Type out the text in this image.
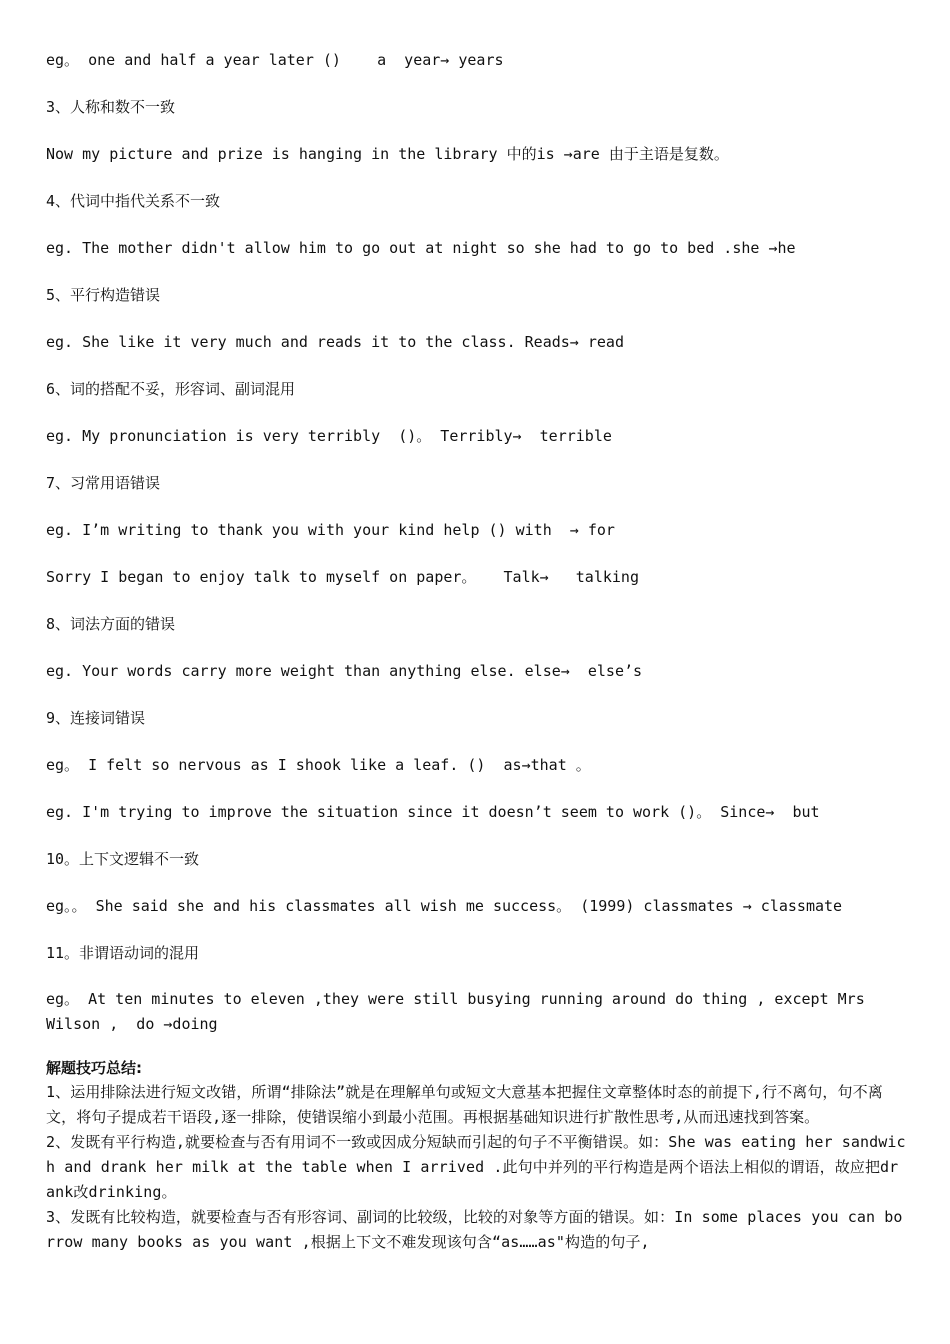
eg。 one and half a year later ()    a  year→ years
3、人称和数不一致
Now my picture and prize is hanging in the library 中的is →are 由于主语是复数。
4、代词中指代关系不一致
eg. The mother didn't allow him to go out at night so she had to go to bed .she →he
5、平行构造错误
eg. She like it very much and reads it to the class. Reads→ read
6、词的搭配不妥，形容词、副词混用
eg. My pronunciation is very terribly  ()。 Terribly→  terrible
7、习常用语错误
eg. I’m writing to thank you with your kind help () with  → for
Sorry I began to enjoy talk to myself on paper。   Talk→   talking
8、词法方面的错误
eg. Your words carry more weight than anything else. else→  else’s
9、连接词错误
eg。 I felt so nervous as I shook like a leaf. ()  as→that 。
eg. I'm trying to improve the situation since it doesn’t seem to work ()。 Since→  but
10。上下文逻辑不一致
eg。。 She said she and his classmates all wish me success。 (1999) classmates → classmate
11。非谓语动词的混用
eg。 At ten minutes to eleven ,they were still busying running around do thing , except Mrs Wilson ,  do →doing
解题技巧总结:
1、运用排除法进行短文改错，所谓“排除法”就是在理解单句或短文大意基本把握住文章整体时态的前提下,行不离句，句不离文，将句子提成若干语段,逐一排除，使错误缩小到最小范围。再根据基础知识进行扩散性思考,从而迅速找到答案。
2、发既有平行构造,就要检查与否有用词不一致或因成分短缺而引起的句子不平衡错误。如：She was eating her sandwich and drank her milk at the table when I arrived .此句中并列的平行构造是两个语法上相似的谓语，故应把drank改drinking。
3、发既有比较构造，就要检查与否有形容词、副词的比较级，比较的对象等方面的错误。如：In some places you can borrow many books as you want ,根据上下文不难发现该句含“as……as"构造的句子,
